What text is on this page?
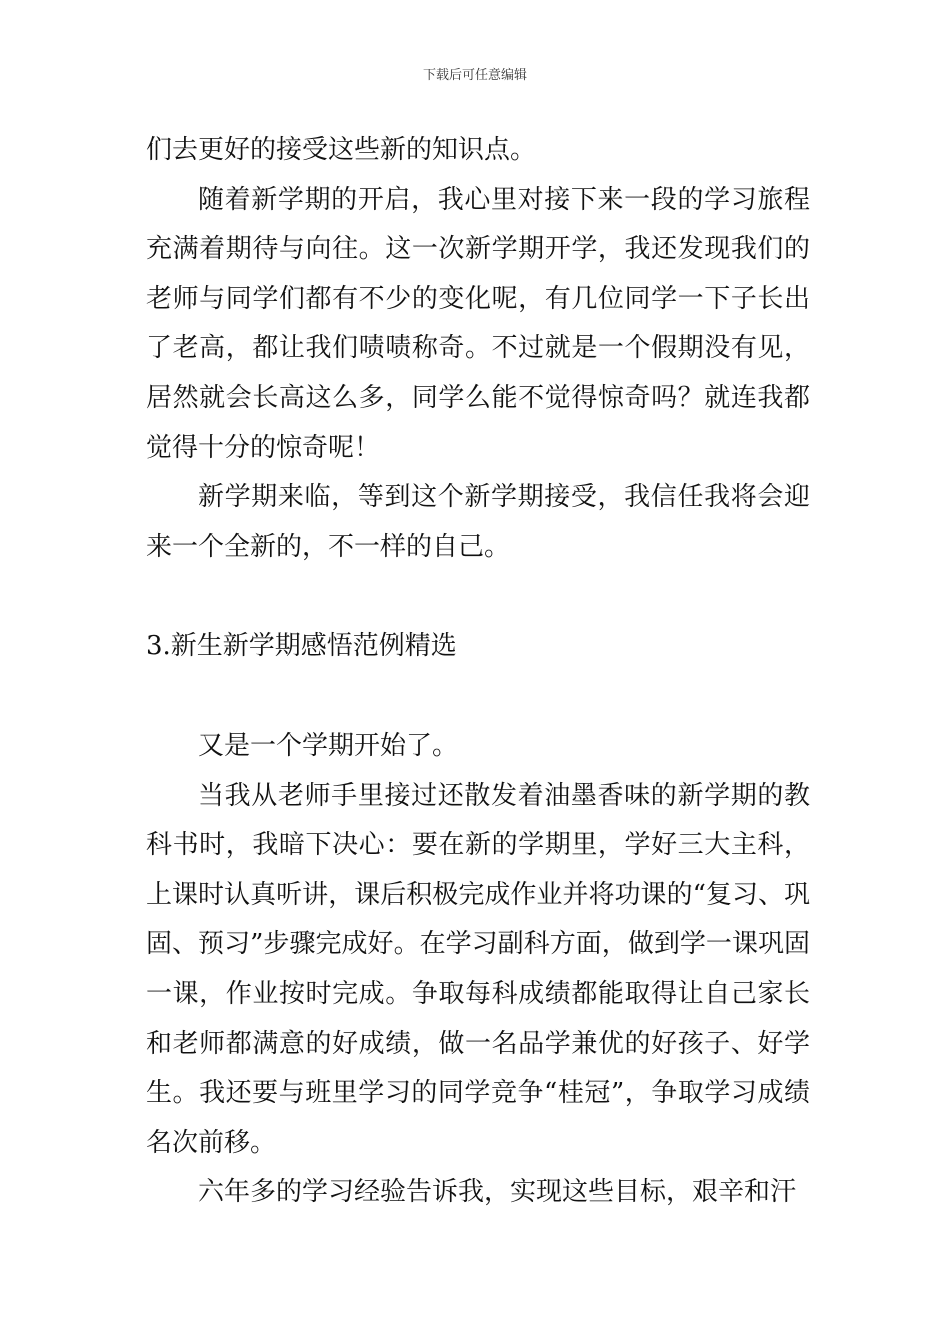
下载后可任意编辑

们去更好的接受这些新的知识点。

随着新学期的开启，我心里对接下来一段的学习旅程充满着期待与向往。这一次新学期开学，我还发现我们的老师与同学们都有不少的变化呢，有几位同学一下子长出了老高，都让我们啧啧称奇。不过就是一个假期没有见，居然就会长高这么多，同学么能不觉得惊奇吗？就连我都觉得十分的惊奇呢！

新学期来临，等到这个新学期接受，我信任我将会迎来一个全新的，不一样的自己。

3.新生新学期感悟范例精选

又是一个学期开始了。

当我从老师手里接过还散发着油墨香味的新学期的教科书时，我暗下决心：要在新的学期里，学好三大主科，上课时认真听讲，课后积极完成作业并将功课的“复习、巩固、预习”步骤完成好。在学习副科方面，做到学一课巩固一课，作业按时完成。争取每科成绩都能取得让自己家长和老师都满意的好成绩，做一名品学兼优的好孩子、好学生。我还要与班里学习的同学竞争“桂冠”，争取学习成绩名次前移。

六年多的学习经验告诉我，实现这些目标，艰辛和汗
